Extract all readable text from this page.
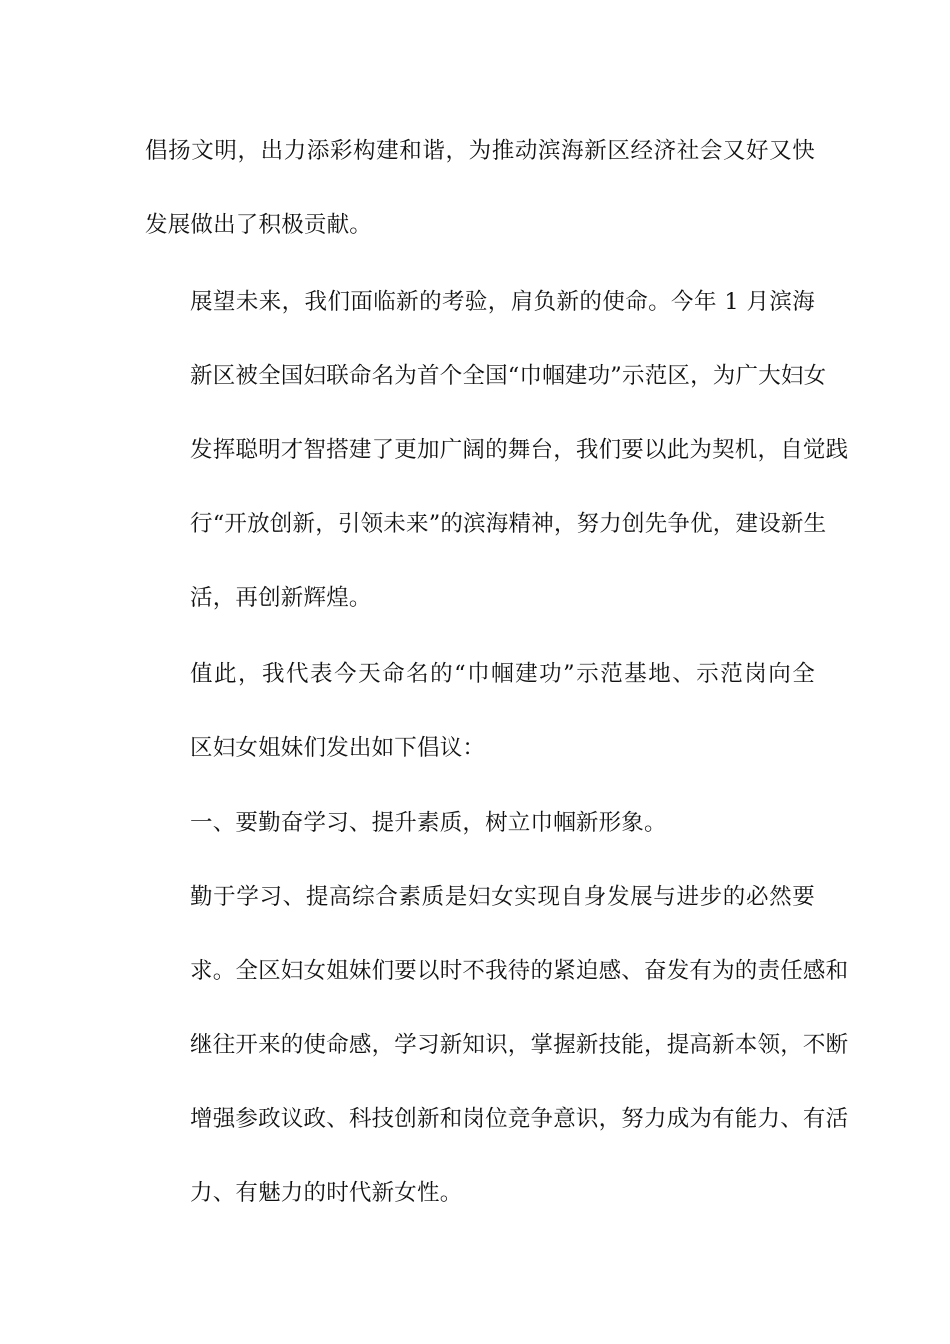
倡扬文明，出力添彩构建和谐，为推动滨海新区经济社会又好又快
发展做出了积极贡献。
展望未来，我们面临新的考验，肩负新的使命。今年 1 月滨海
新区被全国妇联命名为首个全国“巾帼建功”示范区，为广大妇女
发挥聪明才智搭建了更加广阔的舞台，我们要以此为契机，自觉践
行“开放创新，引领未来”的滨海精神，努力创先争优，建设新生
活，再创新辉煌。
值此，我代表今天命名的“巾帼建功”示范基地、示范岗向全
区妇女姐妹们发出如下倡议：
一、要勤奋学习、提升素质，树立巾帼新形象。
勤于学习、提高综合素质是妇女实现自身发展与进步的必然要
求。全区妇女姐妹们要以时不我待的紧迫感、奋发有为的责任感和
继往开来的使命感，学习新知识，掌握新技能，提高新本领，不断
增强参政议政、科技创新和岗位竞争意识，努力成为有能力、有活
力、有魅力的时代新女性。
